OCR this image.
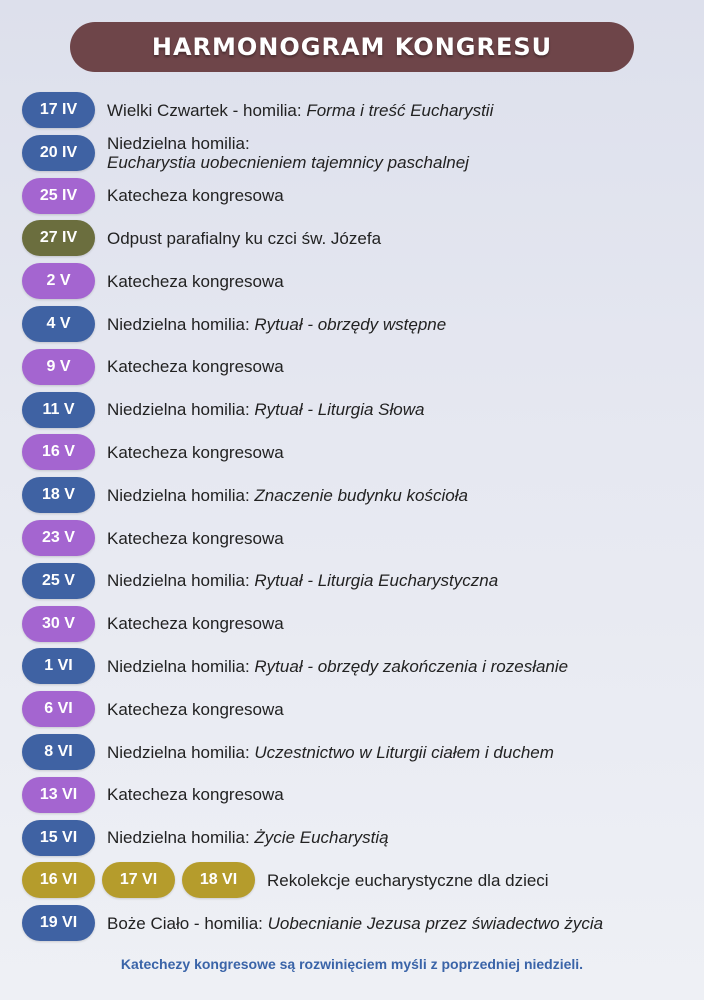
HARMONOGRAM KONGRESU
17 IV	Wielki Czwartek - homilia: Forma i treść Eucharystii
20 IV	Niedzielna homilia:
Eucharystia uobecnieniem tajemnicy paschalnej
25 IV	Katecheza kongresowa
27 IV	Odpust parafialny ku czci św. Józefa
2 V	Katecheza kongresowa
4 V	Niedzielna homilia: Rytuał - obrzędy wstępne
9 V	Katecheza kongresowa
11 V	Niedzielna homilia: Rytuał - Liturgia Słowa
16 V	Katecheza kongresowa
18 V	Niedzielna homilia: Znaczenie budynku kościoła
23 V	Katecheza kongresowa
25 V	Niedzielna homilia: Rytuał - Liturgia Eucharystyczna
30 V	Katecheza kongresowa
1 VI	Niedzielna homilia: Rytuał - obrzędy zakończenia i rozesłanie
6 VI	Katecheza kongresowa
8 VI	Niedzielna homilia: Uczestnictwo w Liturgii ciałem i duchem
13 VI	Katecheza kongresowa
15 VI	Niedzielna homilia: Życie Eucharystią
16 VI	17 VI	18 VI	Rekolekcje eucharystyczne dla dzieci
19 VI	Boże Ciało - homilia: Uobecnianie Jezusa przez świadectwo życia
Katechezy kongresowe są rozwinięciem myśli z poprzedniej niedzieli.
